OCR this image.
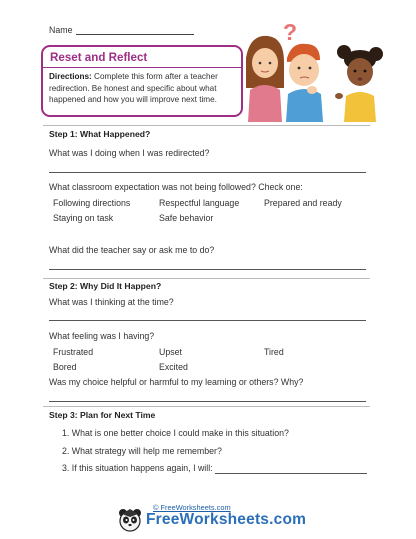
Name
Reset and Reflect
Directions: Complete this form after a teacher redirection. Be honest and specific about what happened and how you will improve next time.
?
Step 1: What Happened?
What was I doing when I was redirected?
What classroom expectation was not being followed? Check one:
Following directions	Respectful language	Prepared and ready
Staying on task	Safe behavior
What did the teacher say or ask me to do?
Step 2: Why Did It Happen?
What was I thinking at the time?
What feeling was I having?
Frustrated	Upset	Tired
Bored	Excited
Was my choice helpful or harmful to my learning or others? Why?
Step 3: Plan for Next Time
1. What is one better choice I could make in this situation?
2. What strategy will help me remember?
3. If this situation happens again, I will:
© FreeWorksheets.com
FreeWorksheets.com
